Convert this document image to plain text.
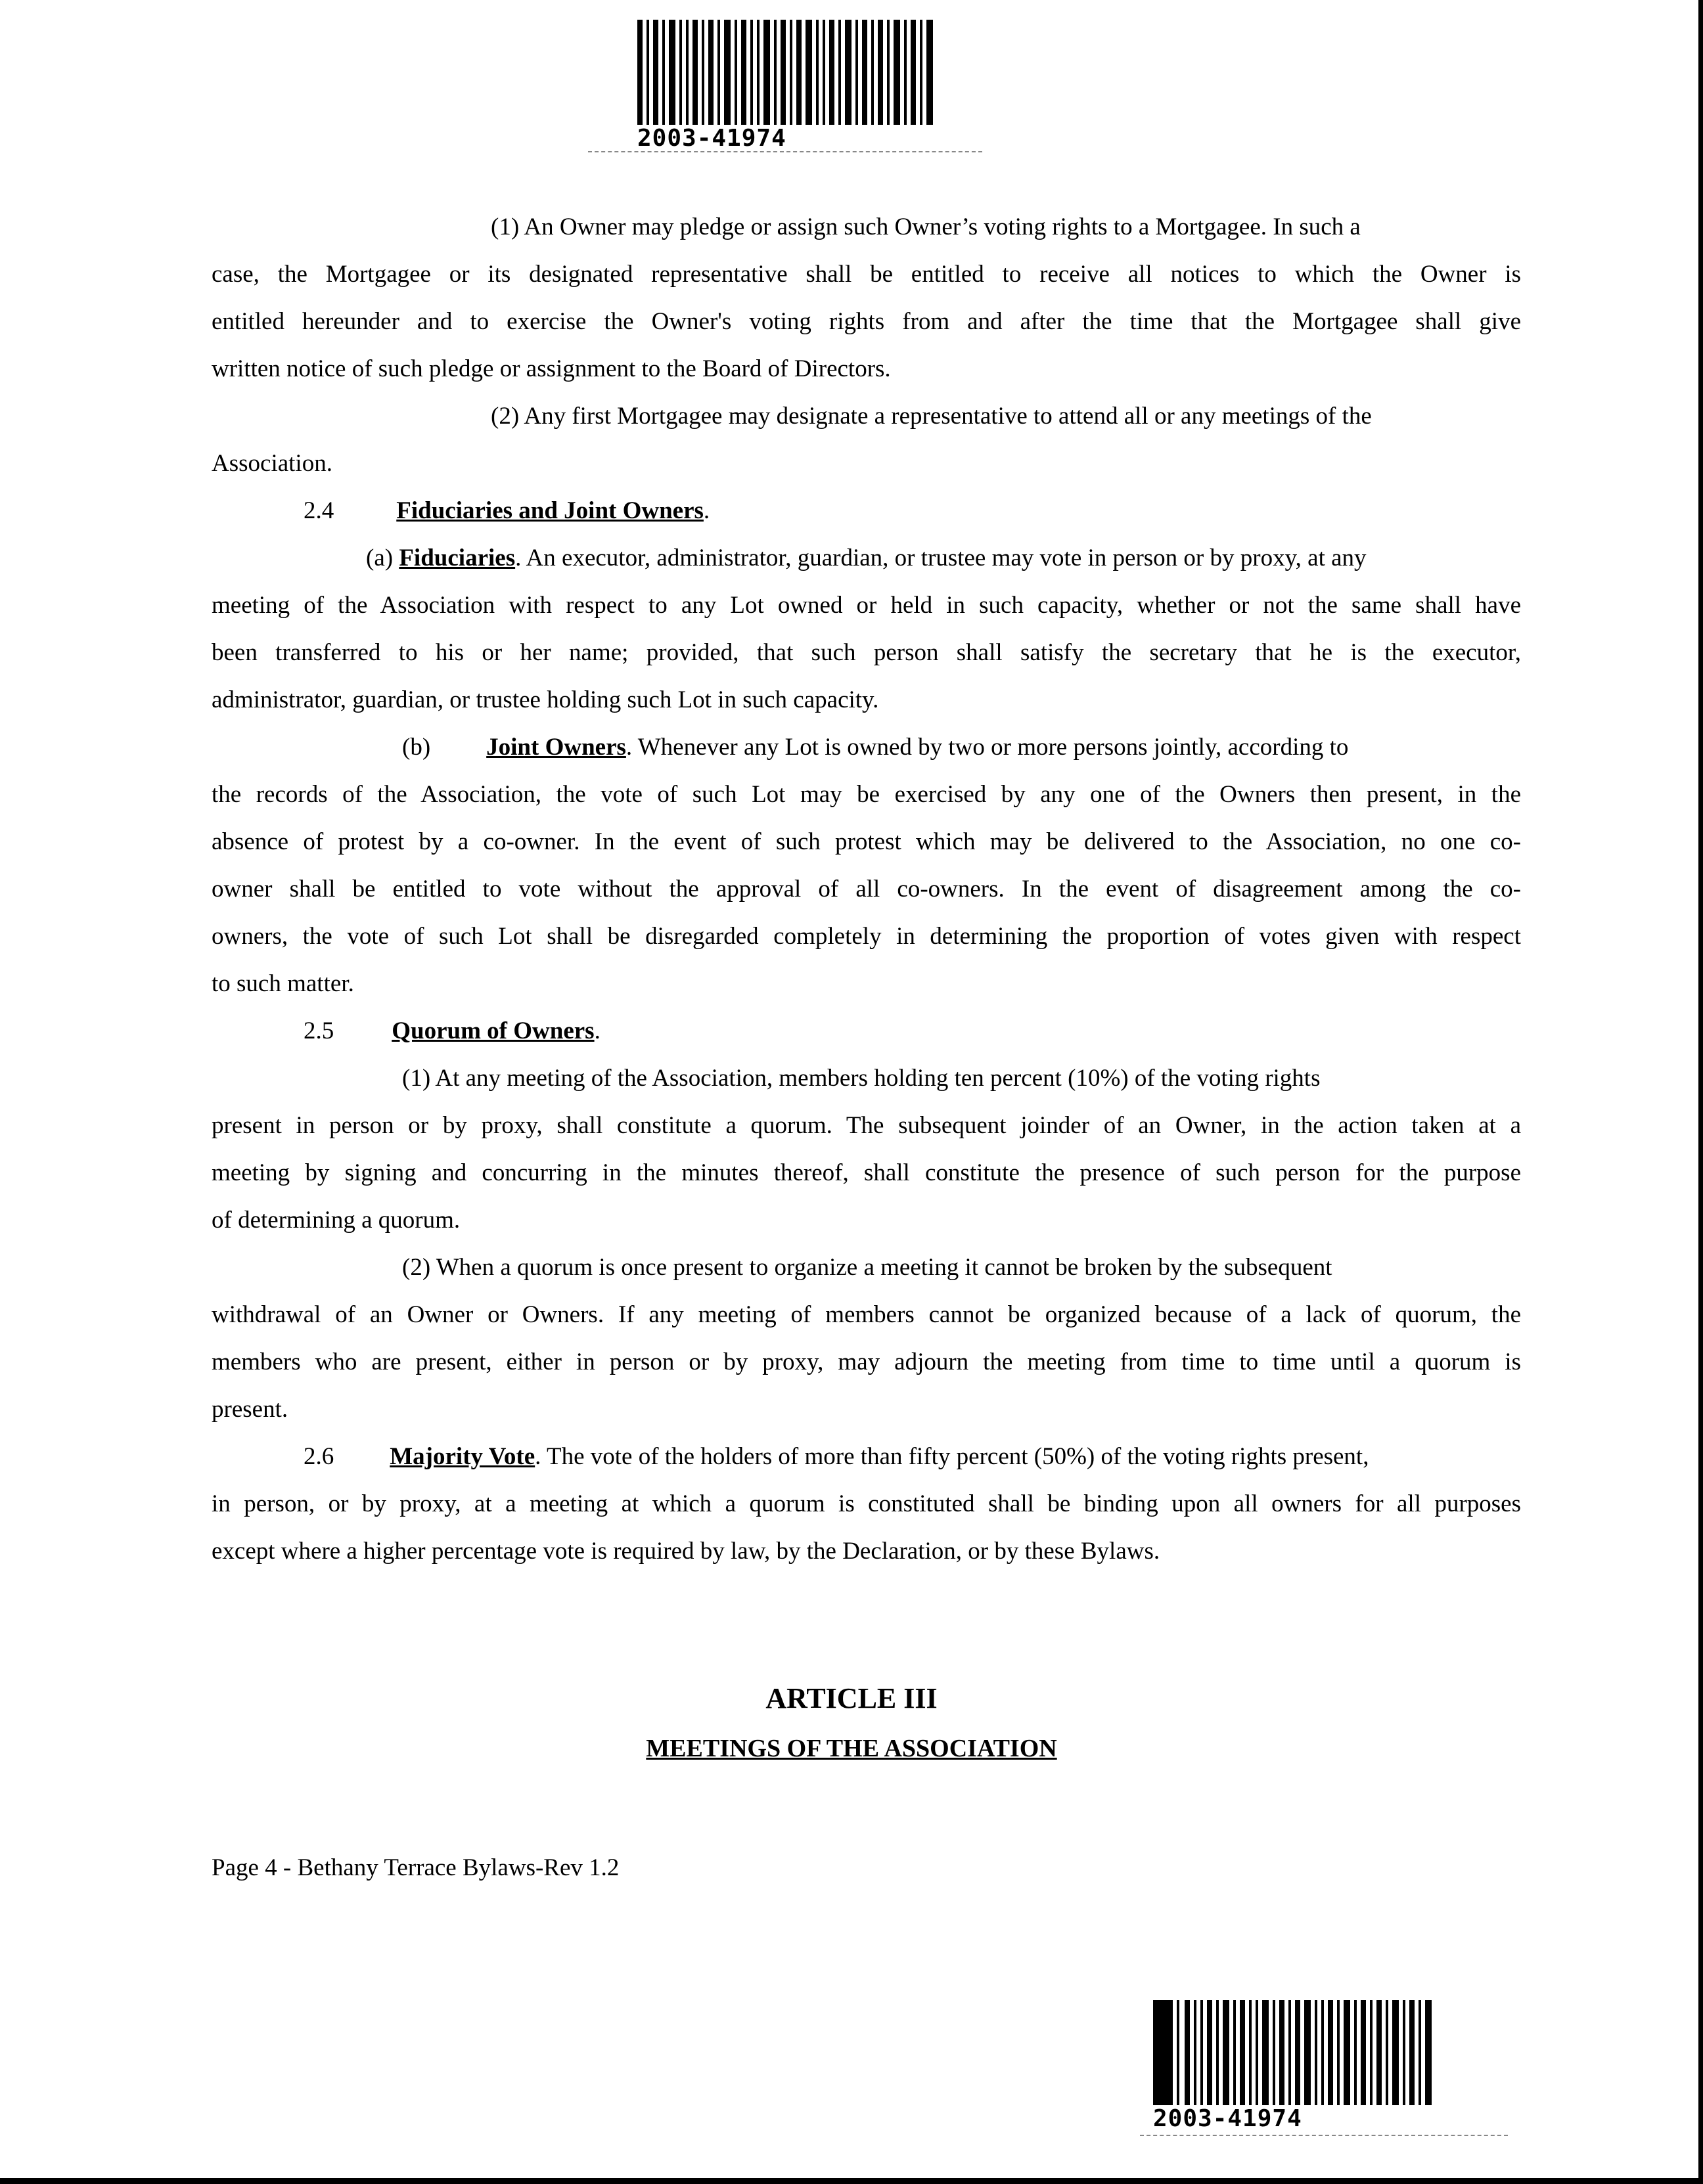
2003-41974
(1) An Owner may pledge or assign such Owner’s voting rights to a Mortgagee. In such a
case, the Mortgagee or its designated representative shall be entitled to receive all notices to which the Owner is
entitled hereunder and to exercise the Owner's voting rights from and after the time that the Mortgagee shall give
written notice of such pledge or assignment to the Board of Directors.
(2) Any first Mortgagee may designate a representative to attend all or any meetings of the
Association.
2.4	Fiduciaries and Joint Owners.
(a) Fiduciaries. An executor, administrator, guardian, or trustee may vote in person or by proxy, at any
meeting of the Association with respect to any Lot owned or held in such capacity, whether or not the same shall have
been transferred to his or her name; provided, that such person shall satisfy the secretary that he is the executor,
administrator, guardian, or trustee holding such Lot in such capacity.
(b) Joint Owners. Whenever any Lot is owned by two or more persons jointly, according to
the records of the Association, the vote of such Lot may be exercised by any one of the Owners then present, in the
absence of protest by a co-owner. In the event of such protest which may be delivered to the Association, no one co-
owner shall be entitled to vote without the approval of all co-owners. In the event of disagreement among the co-
owners, the vote of such Lot shall be disregarded completely in determining the proportion of votes given with respect
to such matter.
2.5 Quorum of Owners.
(1) At any meeting of the Association, members holding ten percent (10%) of the voting rights
present in person or by proxy, shall constitute a quorum. The subsequent joinder of an Owner, in the action taken at a
meeting by signing and concurring in the minutes thereof, shall constitute the presence of such person for the purpose
of determining a quorum.
(2) When a quorum is once present to organize a meeting it cannot be broken by the subsequent
withdrawal of an Owner or Owners. If any meeting of members cannot be organized because of a lack of quorum, the
members who are present, either in person or by proxy, may adjourn the meeting from time to time until a quorum is
present.
2.6 Majority Vote. The vote of the holders of more than fifty percent (50%) of the voting rights present,
in person, or by proxy, at a meeting at which a quorum is constituted shall be binding upon all owners for all purposes
except where a higher percentage vote is required by law, by the Declaration, or by these Bylaws.
ARTICLE III
MEETINGS OF THE ASSOCIATION
Page 4 - Bethany Terrace Bylaws-Rev 1.2
2003-41974
